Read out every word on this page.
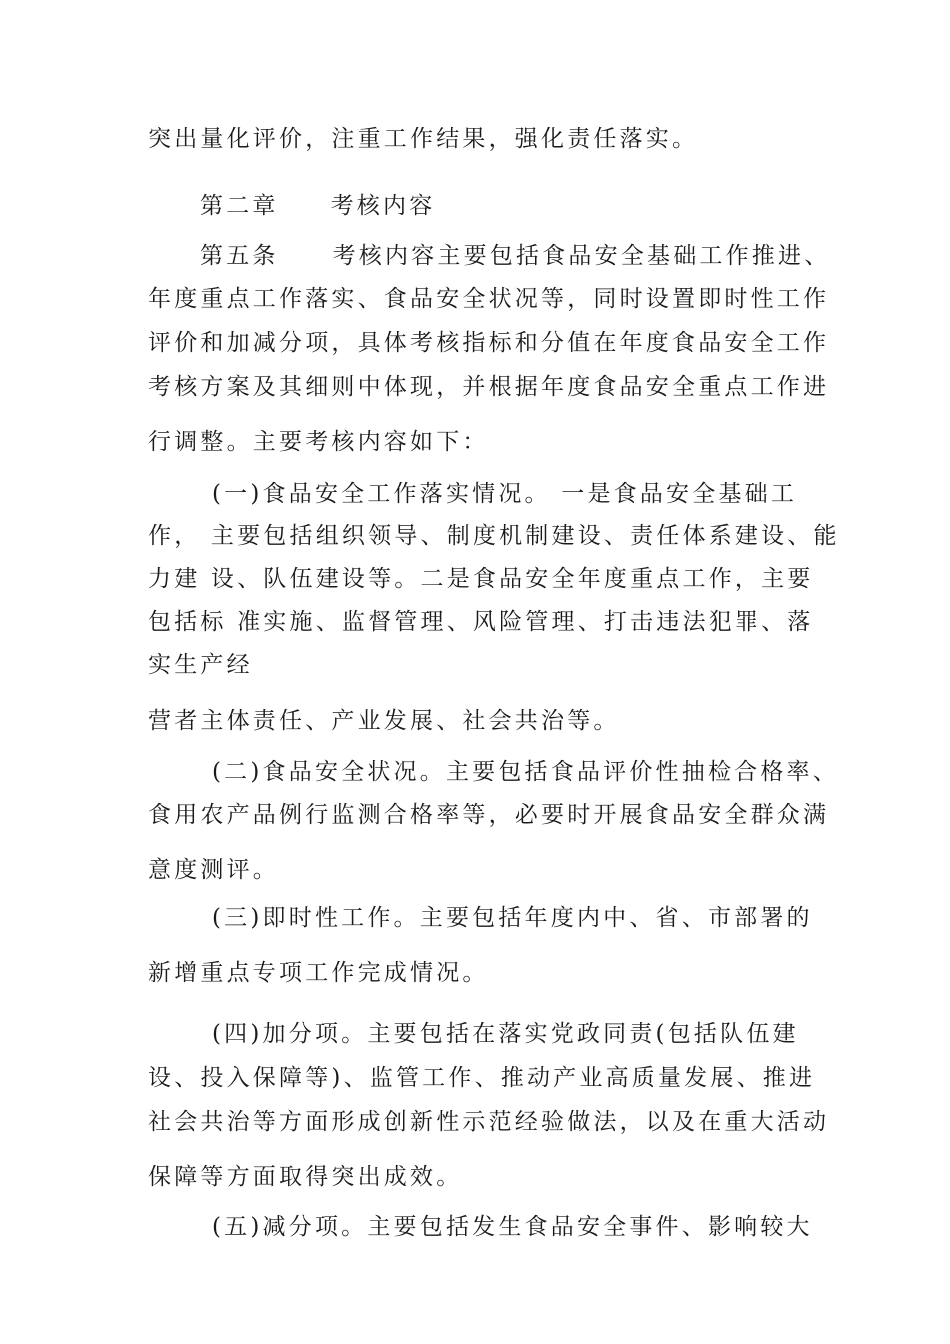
突出量化评价，注重工作结果，强化责任落实。
第二章 考核内容
第五条 考核内容主要包括食品安全基础工作推进、
年度重点工作落实、食品安全状况等，同时设置即时性工作
评价和加减分项，具体考核指标和分值在年度食品安全工作
考核方案及其细则中体现，并根据年度食品安全重点工作进
行调整。主要考核内容如下：
(一)食品安全工作落实情况。 一是食品安全基础工
作， 主要包括组织领导、制度机制建设、责任体系建设、能
力建 设、队伍建设等。二是食品安全年度重点工作，主要
包括标 准实施、监督管理、风险管理、打击违法犯罪、落
实生产经
营者主体责任、产业发展、社会共治等。
(二)食品安全状况。主要包括食品评价性抽检合格率、
食用农产品例行监测合格率等，必要时开展食品安全群众满
意度测评。
(三)即时性工作。主要包括年度内中、省、市部署的
新增重点专项工作完成情况。
(四)加分项。主要包括在落实党政同责(包括队伍建
设、投入保障等)、监管工作、推动产业高质量发展、推进
社会共治等方面形成创新性示范经验做法，以及在重大活动
保障等方面取得突出成效。
(五)减分项。主要包括发生食品安全事件、影响较大
